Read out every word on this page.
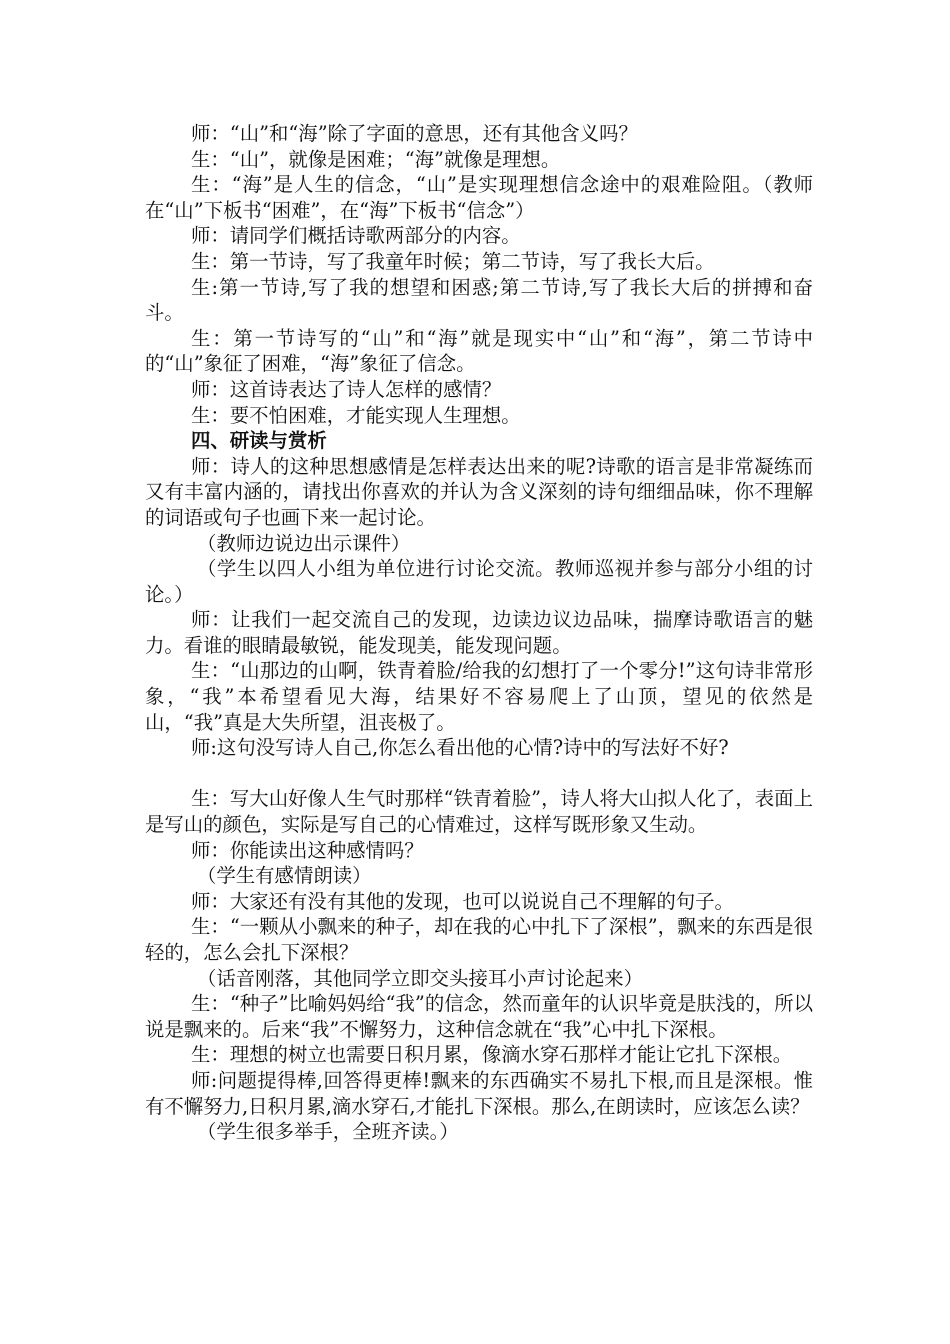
师：“山”和“海”除了字面的意思，还有其他含义吗？

生：“山”，就像是困难；“海”就像是理想。

生：“海”是人生的信念，“山”是实现理想信念途中的艰难险阻。（教师在“山”下板书“困难”，在“海”下板书“信念”）

师：请同学们概括诗歌两部分的内容。

生：第一节诗，写了我童年时候；第二节诗，写了我长大后。

生:第一节诗,写了我的想望和困惑;第二节诗,写了我长大后的拼搏和奋斗。

生：第一节诗写的“山”和“海”就是现实中“山”和“海”，第二节诗中的“山”象征了困难，“海”象征了信念。

师：这首诗表达了诗人怎样的感情？

生：要不怕困难，才能实现人生理想。

四、研读与赏析

师：诗人的这种思想感情是怎样表达出来的呢?诗歌的语言是非常凝练而又有丰富内涵的，请找出你喜欢的并认为含义深刻的诗句细细品味，你不理解的词语或句子也画下来一起讨论。

（教师边说边出示课件）

（学生以四人小组为单位进行讨论交流。教师巡视并参与部分小组的讨论。）

师：让我们一起交流自己的发现，边读边议边品味，揣摩诗歌语言的魅力。看谁的眼睛最敏锐，能发现美，能发现问题。

生：“山那边的山啊，铁青着脸/给我的幻想打了一个零分!”这句诗非常形象，“我”本希望看见大海，结果好不容易爬上了山顶，望见的依然是山，“我”真是大失所望，沮丧极了。

师:这句没写诗人自己,你怎么看出他的心情?诗中的写法好不好?

生：写大山好像人生气时那样“铁青着脸”，诗人将大山拟人化了，表面上是写山的颜色，实际是写自己的心情难过，这样写既形象又生动。

师：你能读出这种感情吗？

（学生有感情朗读）

师：大家还有没有其他的发现，也可以说说自己不理解的句子。

生：“一颗从小飘来的种子，却在我的心中扎下了深根”，飘来的东西是很轻的，怎么会扎下深根？

（话音刚落，其他同学立即交头接耳小声讨论起来）

生：“种子”比喻妈妈给“我”的信念，然而童年的认识毕竟是肤浅的，所以说是飘来的。后来“我”不懈努力，这种信念就在“我”心中扎下深根。

生：理想的树立也需要日积月累，像滴水穿石那样才能让它扎下深根。

师:问题提得棒,回答得更棒!飘来的东西确实不易扎下根,而且是深根。惟有不懈努力,日积月累,滴水穿石,才能扎下深根。那么,在朗读时，应该怎么读？

（学生很多举手，全班齐读。）
